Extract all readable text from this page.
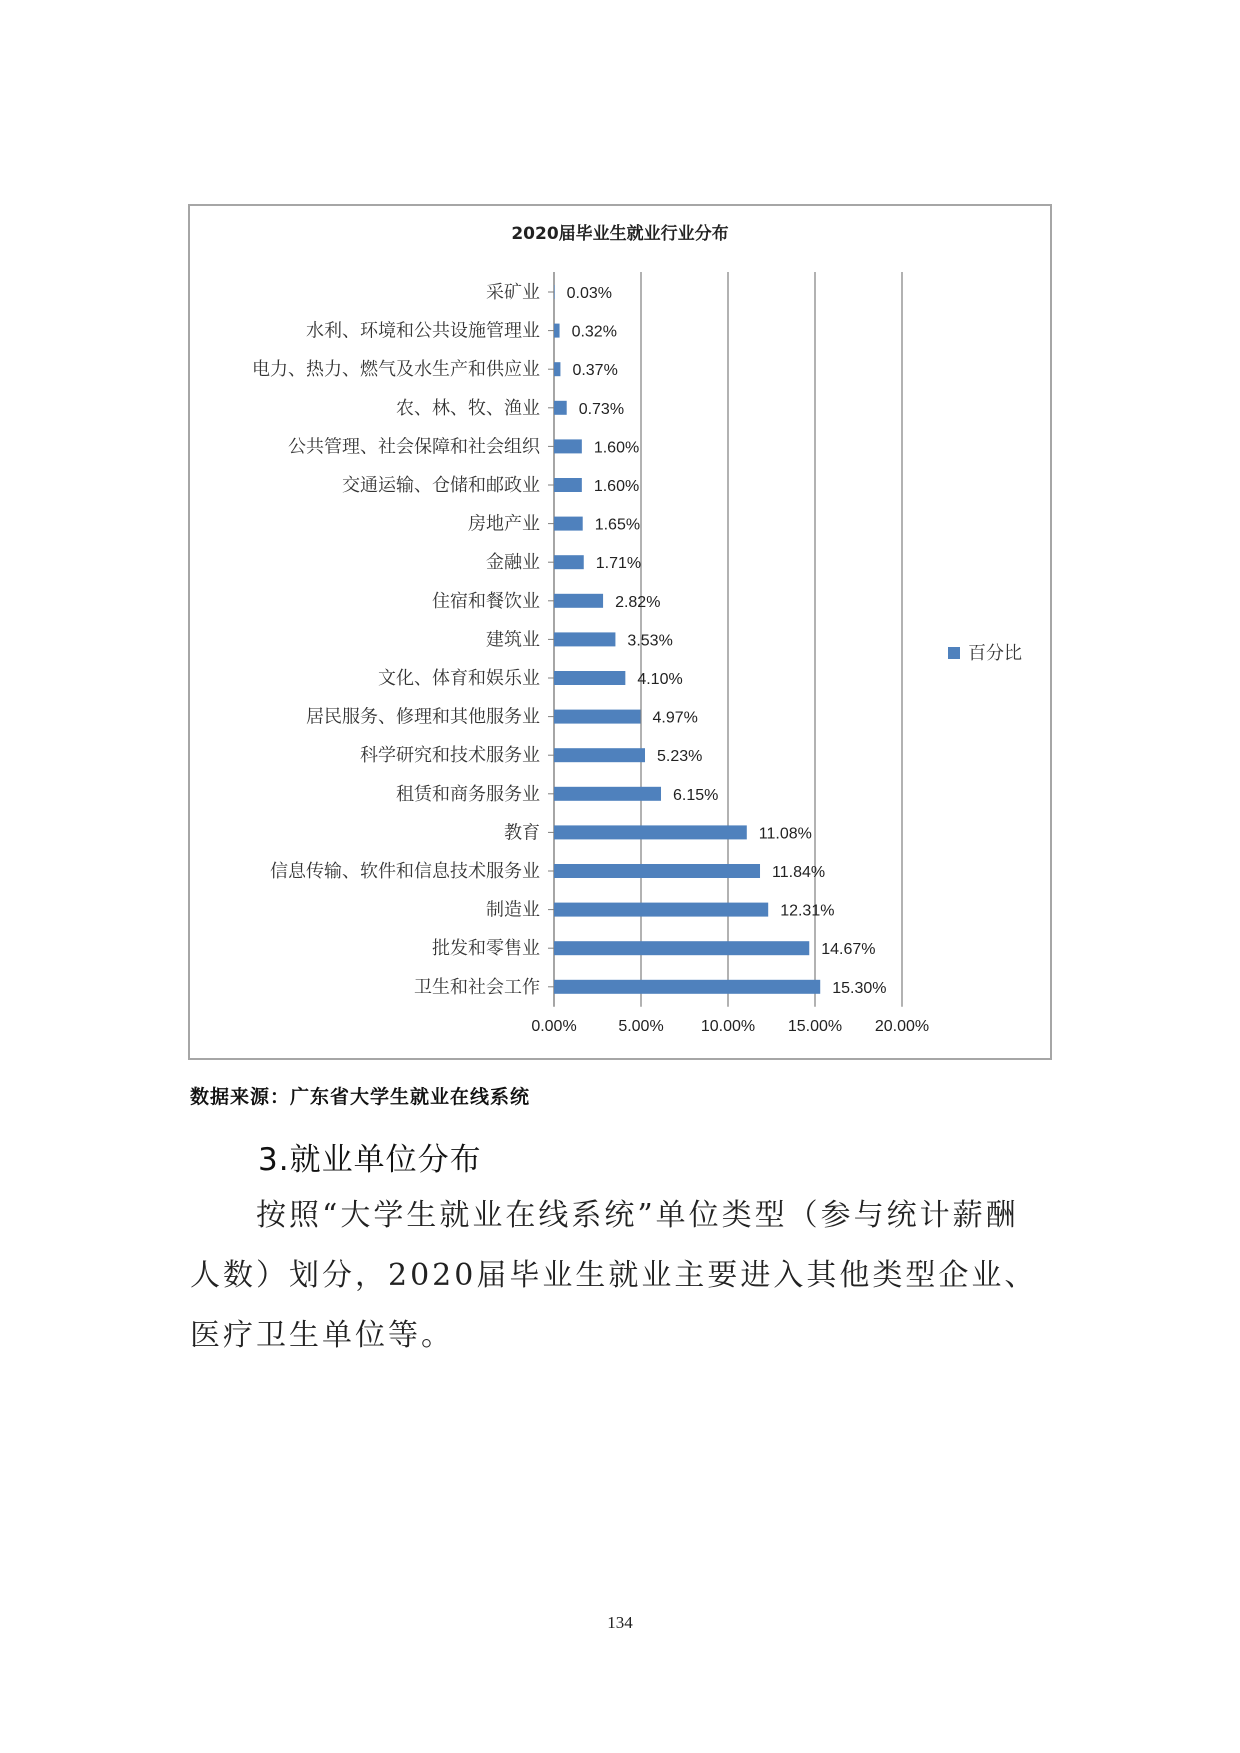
2020届毕业生就业行业分布
采矿业 0.03%
水利、环境和公共设施管理业 0.32%
电力、热力、燃气及水生产和供应业 0.37%
农、林、牧、渔业 0.73%
公共管理、社会保障和社会组织	1.60%
交通运输、仓储和邮政业	1.60%
房地产业	1.65%
金融业	1.71%
住宿和餐饮业	2.82%
建筑业	3.53%
文化、体育和娱乐业	4.10%
居民服务、修理和其他服务业	4.97%
科学研究和技术服务业	5.23%
租赁和商务服务业	6.15%
教育	11.08%
信息传输、软件和信息技术服务业	11.84%
制造业	12.31%
批发和零售业	14.67%
卫生和社会工作	15.30%
0.00%	5.00% 10.00% 15.00% 20.00%
百分比
数据来源：广东省大学生就业在线系统
3.就业单位分布

按照“大学生就业在线系统”单位类型（参与统计薪酬人数）划分，2020届毕业生就业主要进入其他类型企业、医疗卫生单位等。

134
